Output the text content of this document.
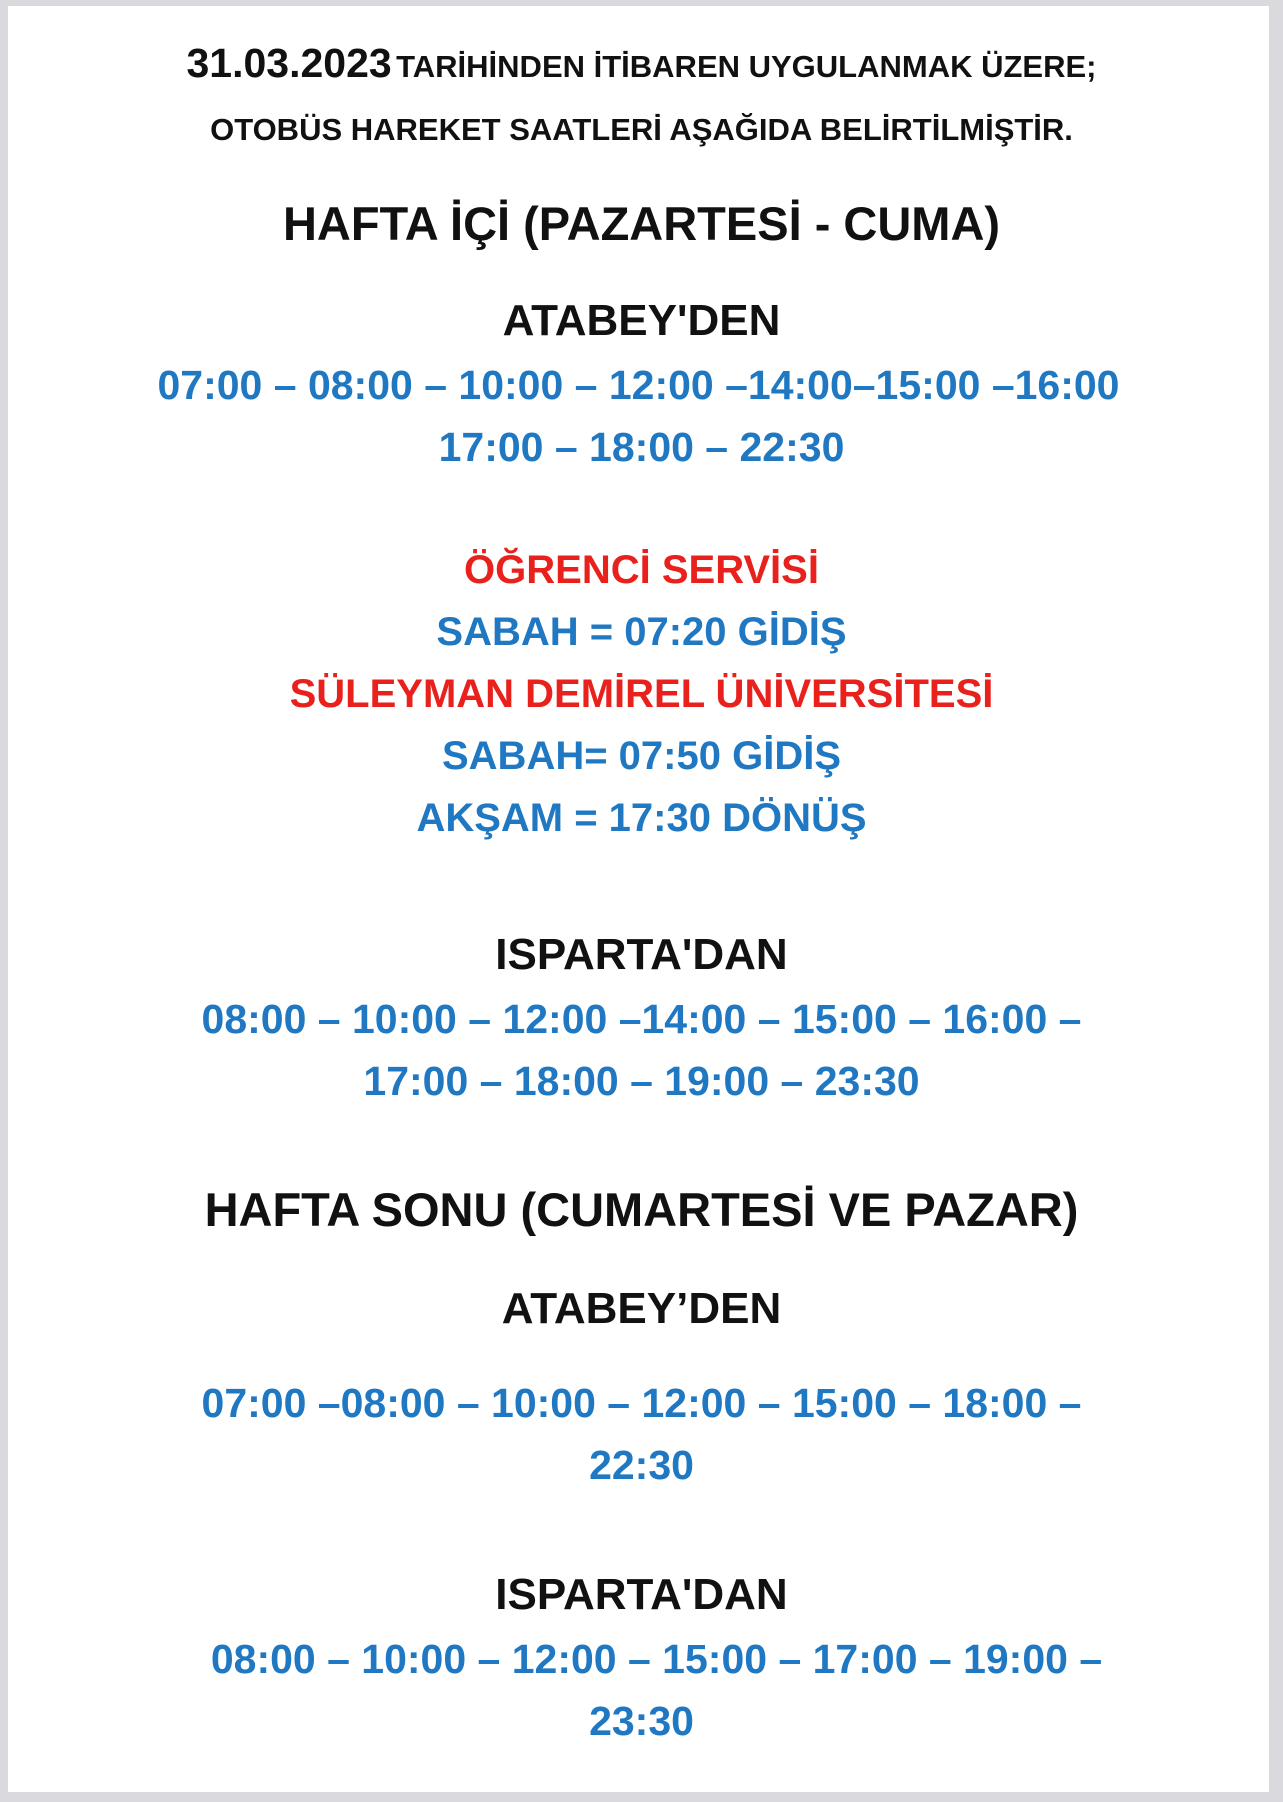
31.03.2023 TARİHİNDEN İTİBAREN UYGULANMAK ÜZERE;
OTOBÜS HAREKET SAATLERİ AŞAĞIDA BELİRTİLMİŞTİR.
HAFTA İÇİ (PAZARTESİ - CUMA)
ATABEY'DEN
07:00 – 08:00 – 10:00 – 12:00 –14:00–15:00 –16:00
17:00 – 18:00 – 22:30
ÖĞRENCİ SERVİSİ
SABAH = 07:20 GİDİŞ
SÜLEYMAN DEMİREL ÜNİVERSİTESİ
SABAH= 07:50 GİDİŞ
AKŞAM = 17:30 DÖNÜŞ
ISPARTA'DAN
08:00 – 10:00 – 12:00 –14:00 – 15:00 – 16:00 –
17:00 – 18:00 – 19:00 – 23:30
HAFTA SONU (CUMARTESİ VE PAZAR)
ATABEY’DEN
07:00 –08:00 – 10:00 – 12:00 – 15:00 – 18:00 –
22:30
ISPARTA'DAN
08:00 – 10:00 – 12:00 – 15:00 – 17:00 – 19:00 –
23:30
